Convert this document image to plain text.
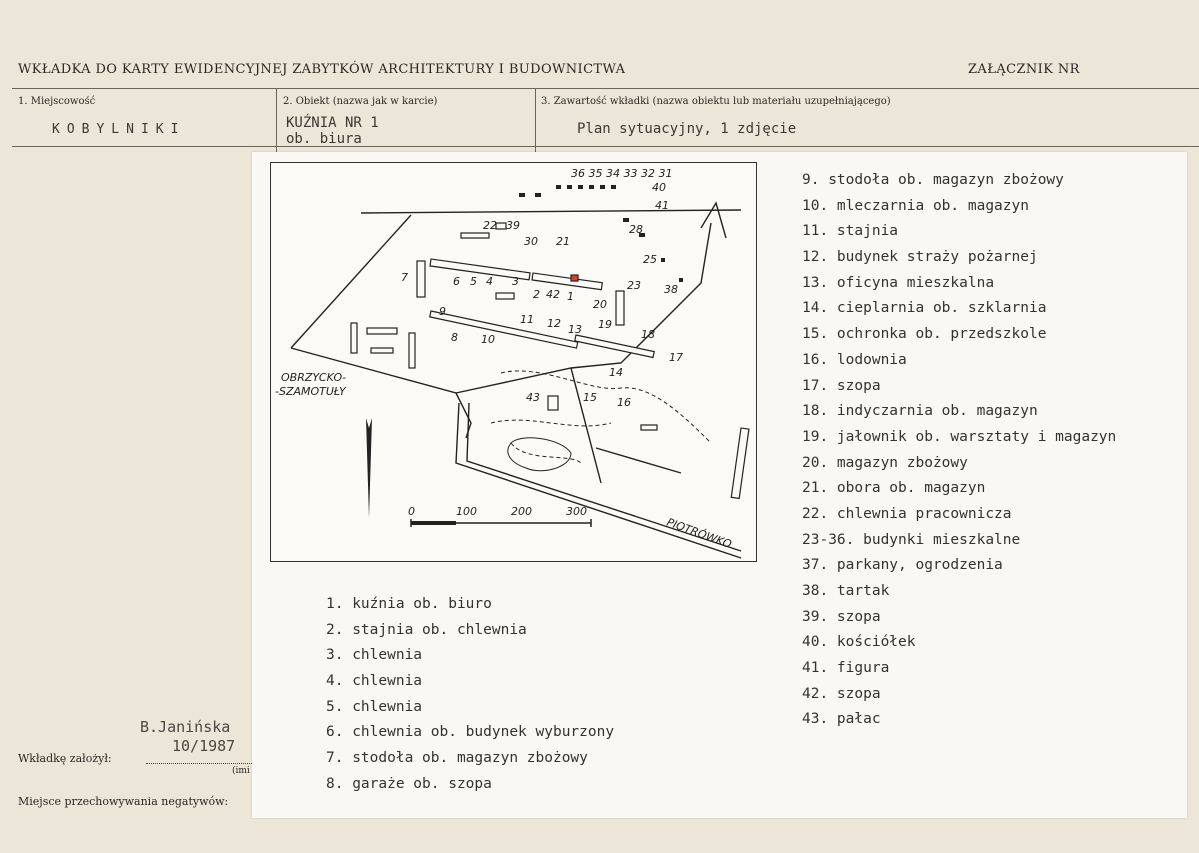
WKŁADKA DO KARTY EWIDENCYJNEJ ZABYTKÓW ARCHITEKTURY I BUDOWNICTWA	ZAŁĄCZNIK NR
1. Miejscowość
KOBYLNIKI
2. Obiekt (nazwa jak w karcie)
KUŹNIA NR 1
ob. biura
3. Zawartość wkładki (nazwa obiektu lub materiału uzupełniającego)
Plan sytuacyjny, 1 zdjęcie
B.Janińska
10/1987
Wkładkę założył:
(imi
Miejsce przechowywania negatywów:
0	100	200	300
OBRZYCKO-
-SZAMOTUŁY
PIOTRÓWKO
36 35 34 33 32 31
40
41
22 39
30 21
28
25
7	6 5 4 3
2 42 1
20
23 38
9
11 12 13 19
18
8 10
17
14
43	15 16
1. kuźnia ob. biuro
2. stajnia ob. chlewnia
3. chlewnia
4. chlewnia
5. chlewnia
6. chlewnia ob. budynek wyburzony
7. stodoła ob. magazyn zbożowy
8. garaże ob. szopa
9. stodoła ob. magazyn zbożowy
10. mleczarnia ob. magazyn
11. stajnia
12. budynek straży pożarnej
13. oficyna mieszkalna
14. cieplarnia ob. szklarnia
15. ochronka ob. przedszkole
16. lodownia
17. szopa
18. indyczarnia ob. magazyn
19. jałownik ob. warsztaty i magazyn
20. magazyn zbożowy
21. obora ob. magazyn
22. chlewnia pracownicza
23-36. budynki mieszkalne
37. parkany, ogrodzenia
38. tartak
39. szopa
40. kościółek
41. figura
42. szopa
43. pałac
